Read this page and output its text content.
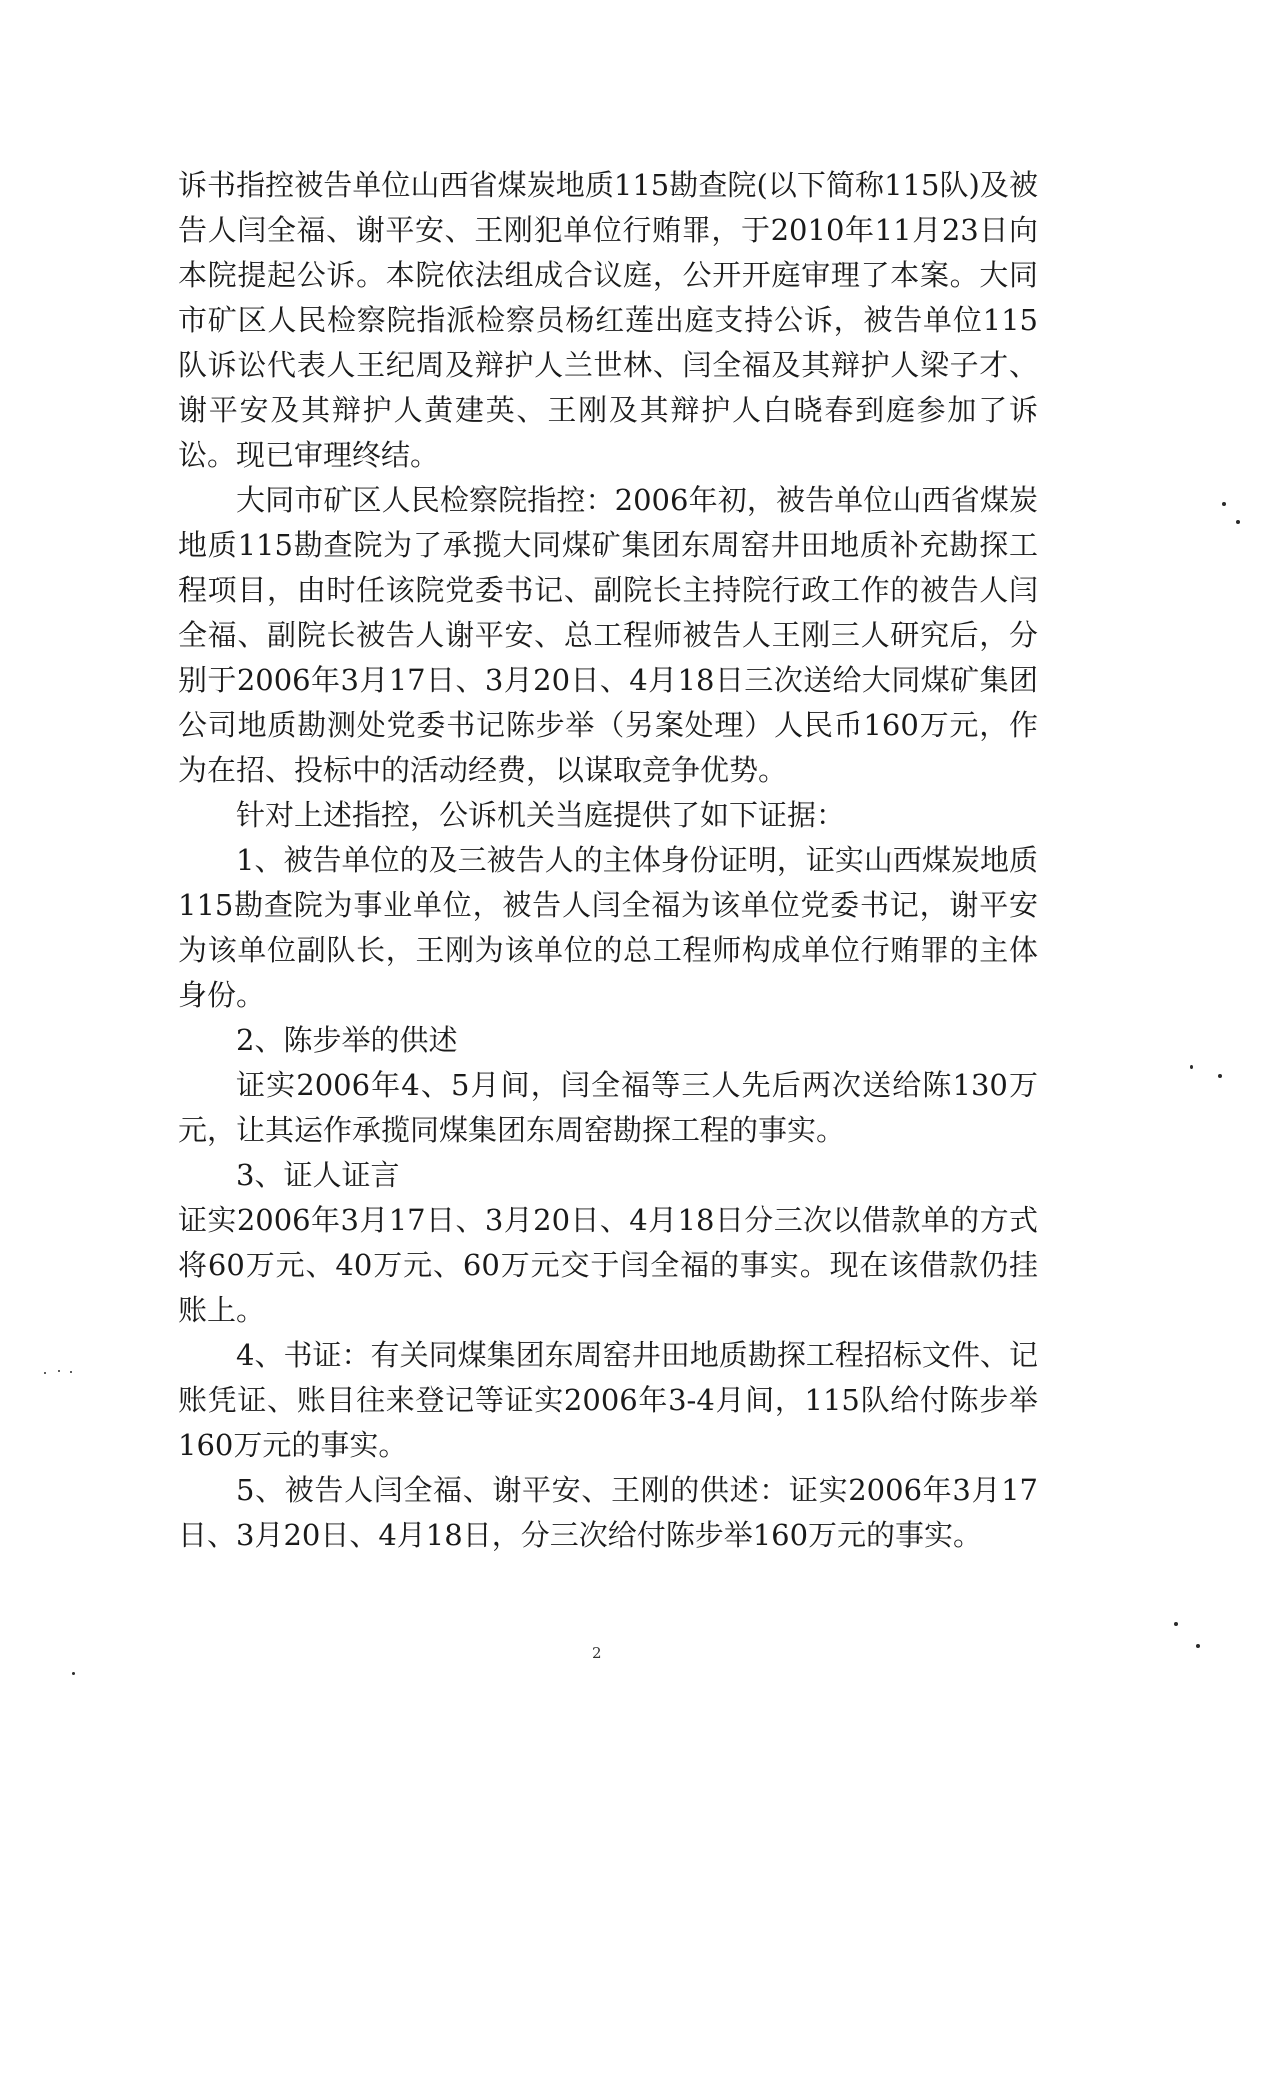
诉书指控被告单位山西省煤炭地质115勘查院(以下简称115队)及被告人闫全福、谢平安、王刚犯单位行贿罪，于2010年11月23日向本院提起公诉。本院依法组成合议庭，公开开庭审理了本案。大同市矿区人民检察院指派检察员杨红莲出庭支持公诉，被告单位115队诉讼代表人王纪周及辩护人兰世林、闫全福及其辩护人梁子才、谢平安及其辩护人黄建英、王刚及其辩护人白晓春到庭参加了诉讼。现已审理终结。

大同市矿区人民检察院指控：2006年初，被告单位山西省煤炭地质115勘查院为了承揽大同煤矿集团东周窑井田地质补充勘探工程项目，由时任该院党委书记、副院长主持院行政工作的被告人闫全福、副院长被告人谢平安、总工程师被告人王刚三人研究后，分别于2006年3月17日、3月20日、4月18日三次送给大同煤矿集团公司地质勘测处党委书记陈步举（另案处理）人民币160万元，作为在招、投标中的活动经费，以谋取竞争优势。

针对上述指控，公诉机关当庭提供了如下证据：

1、被告单位的及三被告人的主体身份证明，证实山西煤炭地质115勘查院为事业单位，被告人闫全福为该单位党委书记，谢平安为该单位副队长，王刚为该单位的总工程师构成单位行贿罪的主体身份。

2、陈步举的供述

证实2006年4、5月间，闫全福等三人先后两次送给陈130万元，让其运作承揽同煤集团东周窑勘探工程的事实。

3、证人证言

证实2006年3月17日、3月20日、4月18日分三次以借款单的方式将60万元、40万元、60万元交于闫全福的事实。现在该借款仍挂账上。

4、书证：有关同煤集团东周窑井田地质勘探工程招标文件、记账凭证、账目往来登记等证实2006年3-4月间，115队给付陈步举160万元的事实。

5、被告人闫全福、谢平安、王刚的供述：证实2006年3月17日、3月20日、4月18日，分三次给付陈步举160万元的事实。

2
